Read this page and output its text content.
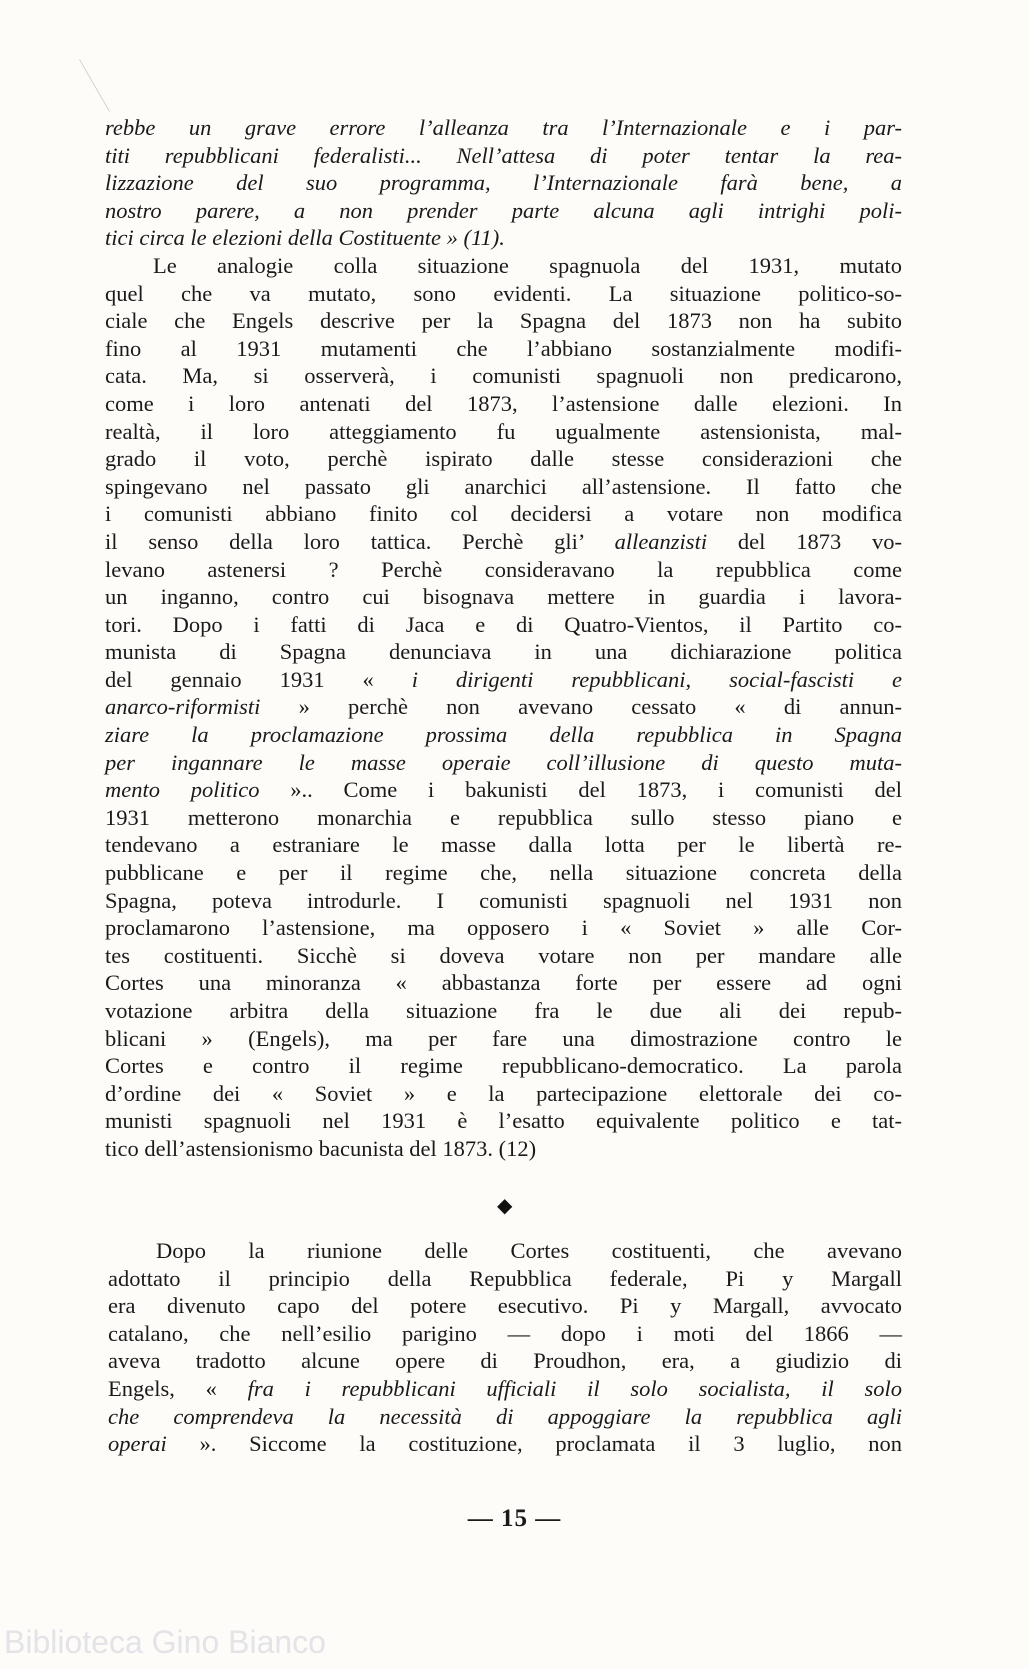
rebbe un grave errore l’alleanza tra l’Internazionale e i par-
titi repubblicani federalisti... Nell’attesa di poter tentar la rea-
lizzazione del suo programma, l’Internazionale farà bene, a
nostro parere, a non prender parte alcuna agli intrighi poli-
tici circa le elezioni della Costituente » (11).
Le analogie colla situazione spagnuola del 1931, mutato
quel che va mutato, sono evidenti. La situazione politico-so-
ciale che Engels descrive per la Spagna del 1873 non ha subito
fino al 1931 mutamenti che l’abbiano sostanzialmente modifi-
cata. Ma, si osserverà, i comunisti spagnuoli non predicarono,
come i loro antenati del 1873, l’astensione dalle elezioni. In
realtà, il loro atteggiamento fu ugualmente astensionista, mal-
grado il voto, perchè ispirato dalle stesse considerazioni che
spingevano nel passato gli anarchici all’astensione. Il fatto che
i comunisti abbiano finito col decidersi a votare non modifica
il senso della loro tattica. Perchè gli’ alleanzisti del 1873 vo-
levano astenersi ? Perchè consideravano la repubblica come
un inganno, contro cui bisognava mettere in guardia i lavora-
tori. Dopo i fatti di Jaca e di Quatro-Vientos, il Partito co-
munista di Spagna denunciava in una dichiarazione politica
del gennaio 1931 « i dirigenti repubblicani, social-fascisti e
anarco-riformisti » perchè non avevano cessato « di annun-
ziare la proclamazione prossima della repubblica in Spagna
per ingannare le masse operaie coll’illusione di questo muta-
mento politico ».. Come i bakunisti del 1873, i comunisti del
1931 metterono monarchia e repubblica sullo stesso piano e
tendevano a estraniare le masse dalla lotta per le libertà re-
pubblicane e per il regime che, nella situazione concreta della
Spagna, poteva introdurle. I comunisti spagnuoli nel 1931 non
proclamarono l’astensione, ma opposero i « Soviet » alle Cor-
tes costituenti. Sicchè si doveva votare non per mandare alle
Cortes una minoranza « abbastanza forte per essere ad ogni
votazione arbitra della situazione fra le due ali dei repub-
blicani » (Engels), ma per fare una dimostrazione contro le
Cortes e contro il regime repubblicano-democratico. La parola
d’ordine dei « Soviet » e la partecipazione elettorale dei co-
munisti spagnuoli nel 1931 è l’esatto equivalente politico e tat-
tico dell’astensionismo bacunista del 1873. (12)
◆
Dopo la riunione delle Cortes costituenti, che avevano
adottato il principio della Repubblica federale, Pi y Margall
era divenuto capo del potere esecutivo. Pi y Margall, avvocato
catalano, che nell’esilio parigino — dopo i moti del 1866 —
aveva tradotto alcune opere di Proudhon, era, a giudizio di
Engels, « fra i repubblicani ufficiali il solo socialista, il solo
che comprendeva la necessità di appoggiare la repubblica agli
operai ». Siccome la costituzione, proclamata il 3 luglio, non
— 15 —
Biblioteca Gino Bianco
